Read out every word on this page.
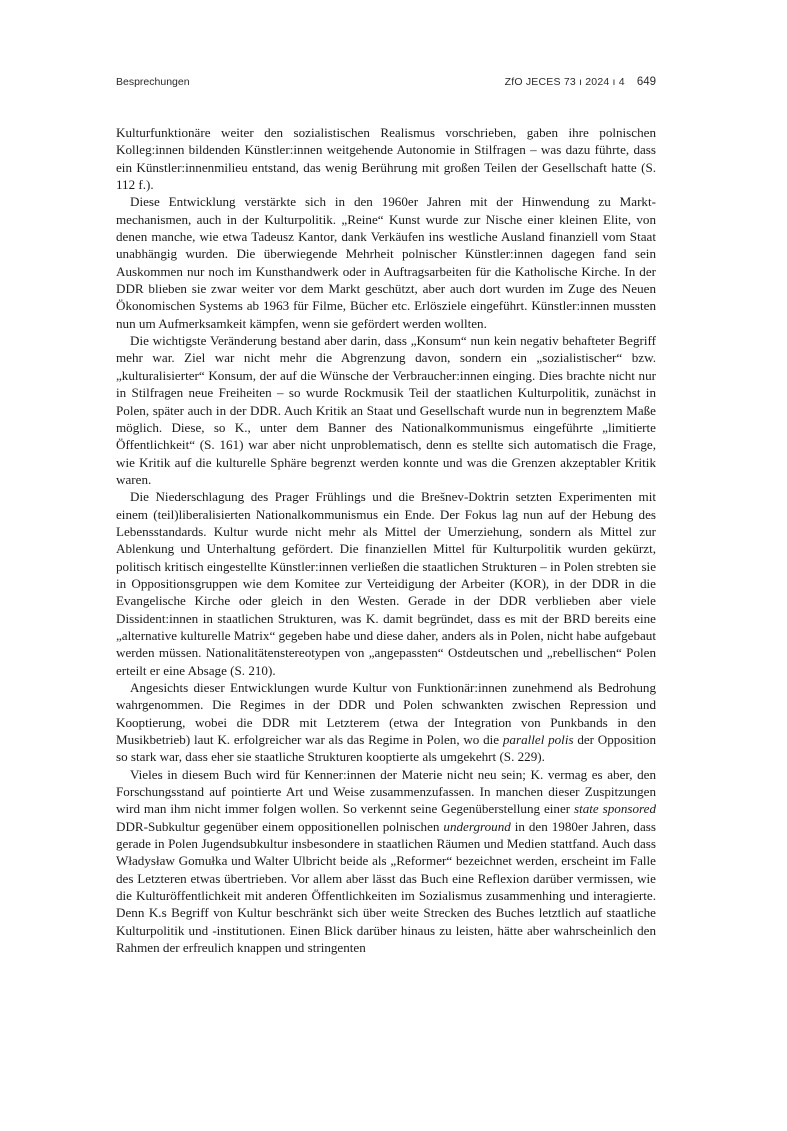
Besprechungen	ZfO JECES 73 ı 2024 ı 4 649

Kulturfunktionäre weiter den sozialistischen Realismus vorschrieben, gaben ihre polnischen Kolleg:innen bildenden Künstler:innen weitgehende Autonomie in Stilfragen – was dazu führte, dass ein Künstler:innenmilieu entstand, das wenig Berührung mit großen Teilen der Gesellschaft hatte (S. 112 f.).

Diese Entwicklung verstärkte sich in den 1960er Jahren mit der Hinwendung zu Marktmechanismen, auch in der Kulturpolitik. „Reine“ Kunst wurde zur Nische einer kleinen Elite, von denen manche, wie etwa Tadeusz Kantor, dank Verkäufen ins westliche Ausland finanziell vom Staat unabhängig wurden. Die überwiegende Mehrheit polnischer Künstler:innen dagegen fand sein Auskommen nur noch im Kunsthandwerk oder in Auftragsarbeiten für die Katholische Kirche. In der DDR blieben sie zwar weiter vor dem Markt geschützt, aber auch dort wurden im Zuge des Neuen Ökonomischen Systems ab 1963 für Filme, Bücher etc. Erlösziele eingeführt. Künstler:innen mussten nun um Aufmerksamkeit kämpfen, wenn sie gefördert werden wollten.

Die wichtigste Veränderung bestand aber darin, dass „Konsum“ nun kein negativ behafteter Begriff mehr war. Ziel war nicht mehr die Abgrenzung davon, sondern ein „sozialistischer“ bzw. „kulturalisierter“ Konsum, der auf die Wünsche der Verbraucher:innen einging. Dies brachte nicht nur in Stilfragen neue Freiheiten – so wurde Rockmusik Teil der staatlichen Kulturpolitik, zunächst in Polen, später auch in der DDR. Auch Kritik an Staat und Gesellschaft wurde nun in begrenztem Maße möglich. Diese, so K., unter dem Banner des Nationalkommunismus eingeführte „limitierte Öffentlichkeit“ (S. 161) war aber nicht unproblematisch, denn es stellte sich automatisch die Frage, wie Kritik auf die kulturelle Sphäre begrenzt werden konnte und was die Grenzen akzeptabler Kritik waren.

Die Niederschlagung des Prager Frühlings und die Brešnev-Doktrin setzten Experimenten mit einem (teil)liberalisierten Nationalkommunismus ein Ende. Der Fokus lag nun auf der Hebung des Lebensstandards. Kultur wurde nicht mehr als Mittel der Umerziehung, sondern als Mittel zur Ablenkung und Unterhaltung gefördert. Die finanziellen Mittel für Kulturpolitik wurden gekürzt, politisch kritisch eingestellte Künstler:innen verließen die staatlichen Strukturen – in Polen strebten sie in Oppositionsgruppen wie dem Komitee zur Verteidigung der Arbeiter (KOR), in der DDR in die Evangelische Kirche oder gleich in den Westen. Gerade in der DDR verblieben aber viele Dissident:innen in staatlichen Strukturen, was K. damit begründet, dass es mit der BRD bereits eine „alternative kulturelle Matrix“ gegeben habe und diese daher, anders als in Polen, nicht habe aufgebaut werden müssen. Nationalitätenstereotypen von „angepassten“ Ostdeutschen und „rebellischen“ Polen erteilt er eine Absage (S. 210).

Angesichts dieser Entwicklungen wurde Kultur von Funktionär:innen zunehmend als Bedrohung wahrgenommen. Die Regimes in der DDR und Polen schwankten zwischen Repression und Kooptierung, wobei die DDR mit Letzterem (etwa der Integration von Punkbands in den Musikbetrieb) laut K. erfolgreicher war als das Regime in Polen, wo die parallel polis der Opposition so stark war, dass eher sie staatliche Strukturen kooptierte als umgekehrt (S. 229).

Vieles in diesem Buch wird für Kenner:innen der Materie nicht neu sein; K. vermag es aber, den Forschungsstand auf pointierte Art und Weise zusammenzufassen. In manchen dieser Zuspitzungen wird man ihm nicht immer folgen wollen. So verkennt seine Gegenüberstellung einer state sponsored DDR-Subkultur gegenüber einem oppositionellen polnischen underground in den 1980er Jahren, dass gerade in Polen Jugendsubkultur insbesondere in staatlichen Räumen und Medien stattfand. Auch dass Władysław Gomułka und Walter Ulbricht beide als „Reformer“ bezeichnet werden, erscheint im Falle des Letzteren etwas übertrieben. Vor allem aber lässt das Buch eine Reflexion darüber vermissen, wie die Kulturöffentlichkeit mit anderen Öffentlichkeiten im Sozialismus zusammenhing und interagierte. Denn K.s Begriff von Kultur beschränkt sich über weite Strecken des Buches letztlich auf staatliche Kulturpolitik und -institutionen. Einen Blick darüber hinaus zu leisten, hätte aber wahrscheinlich den Rahmen der erfreulich knappen und stringenten
